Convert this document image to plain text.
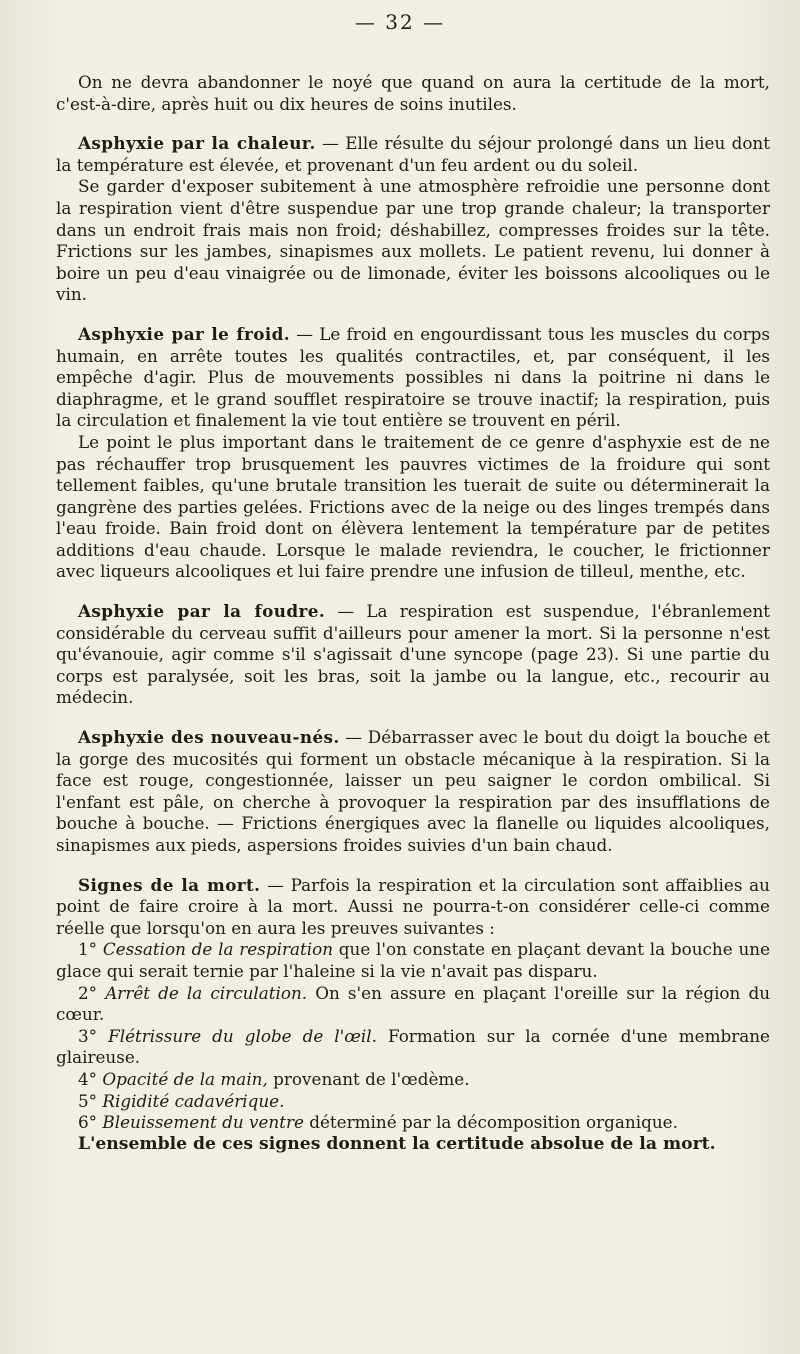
— 32 —

On ne devra abandonner le noyé que quand on aura la certitude de la mort, c'est-à-dire, après huit ou dix heures de soins inutiles.

Asphyxie par la chaleur. — Elle résulte du séjour prolongé dans un lieu dont la température est élevée, et provenant d'un feu ardent ou du soleil.

Se garder d'exposer subitement à une atmosphère refroidie une personne dont la respiration vient d'être suspendue par une trop grande chaleur; la transporter dans un endroit frais mais non froid; déshabillez, compresses froides sur la tête. Frictions sur les jambes, sinapismes aux mollets. Le patient revenu, lui donner à boire un peu d'eau vinaigrée ou de limonade, éviter les boissons alcooliques ou le vin.

Asphyxie par le froid. — Le froid en engourdissant tous les muscles du corps humain, en arrête toutes les qualités contractiles, et, par conséquent, il les empêche d'agir. Plus de mouvements possibles ni dans la poitrine ni dans le diaphragme, et le grand soufflet respiratoire se trouve inactif; la respiration, puis la circulation et finalement la vie tout entière se trouvent en péril.

Le point le plus important dans le traitement de ce genre d'asphyxie est de ne pas réchauffer trop brusquement les pauvres victimes de la froidure qui sont tellement faibles, qu'une brutale transition les tuerait de suite ou déterminerait la gangrène des parties gelées. Frictions avec de la neige ou des linges trempés dans l'eau froide. Bain froid dont on élèvera lentement la température par de petites additions d'eau chaude. Lorsque le malade reviendra, le coucher, le frictionner avec liqueurs alcooliques et lui faire prendre une infusion de tilleul, menthe, etc.

Asphyxie par la foudre. — La respiration est suspendue, l'ébranlement considérable du cerveau suffit d'ailleurs pour amener la mort. Si la personne n'est qu'évanouie, agir comme s'il s'agissait d'une syncope (page 23). Si une partie du corps est paralysée, soit les bras, soit la jambe ou la langue, etc., recourir au médecin.

Asphyxie des nouveau-nés. — Débarrasser avec le bout du doigt la bouche et la gorge des mucosités qui forment un obstacle mécanique à la respiration. Si la face est rouge, congestionnée, laisser un peu saigner le cordon ombilical. Si l'enfant est pâle, on cherche à provoquer la respiration par des insufflations de bouche à bouche. — Frictions énergiques avec la flanelle ou liquides alcooliques, sinapismes aux pieds, aspersions froides suivies d'un bain chaud.

Signes de la mort. — Parfois la respiration et la circulation sont affaiblies au point de faire croire à la mort. Aussi ne pourra-t-on considérer celle-ci comme réelle que lorsqu'on en aura les preuves suivantes :

1° Cessation de la respiration que l'on constate en plaçant devant la bouche une glace qui serait ternie par l'haleine si la vie n'avait pas disparu.

2° Arrêt de la circulation. On s'en assure en plaçant l'oreille sur la région du cœur.

3° Flétrissure du globe de l'œil. Formation sur la cornée d'une membrane glaireuse.

4° Opacité de la main, provenant de l'œdème.

5° Rigidité cadavérique.

6° Bleuissement du ventre déterminé par la décomposition organique.

L'ensemble de ces signes donnent la certitude absolue de la mort.
